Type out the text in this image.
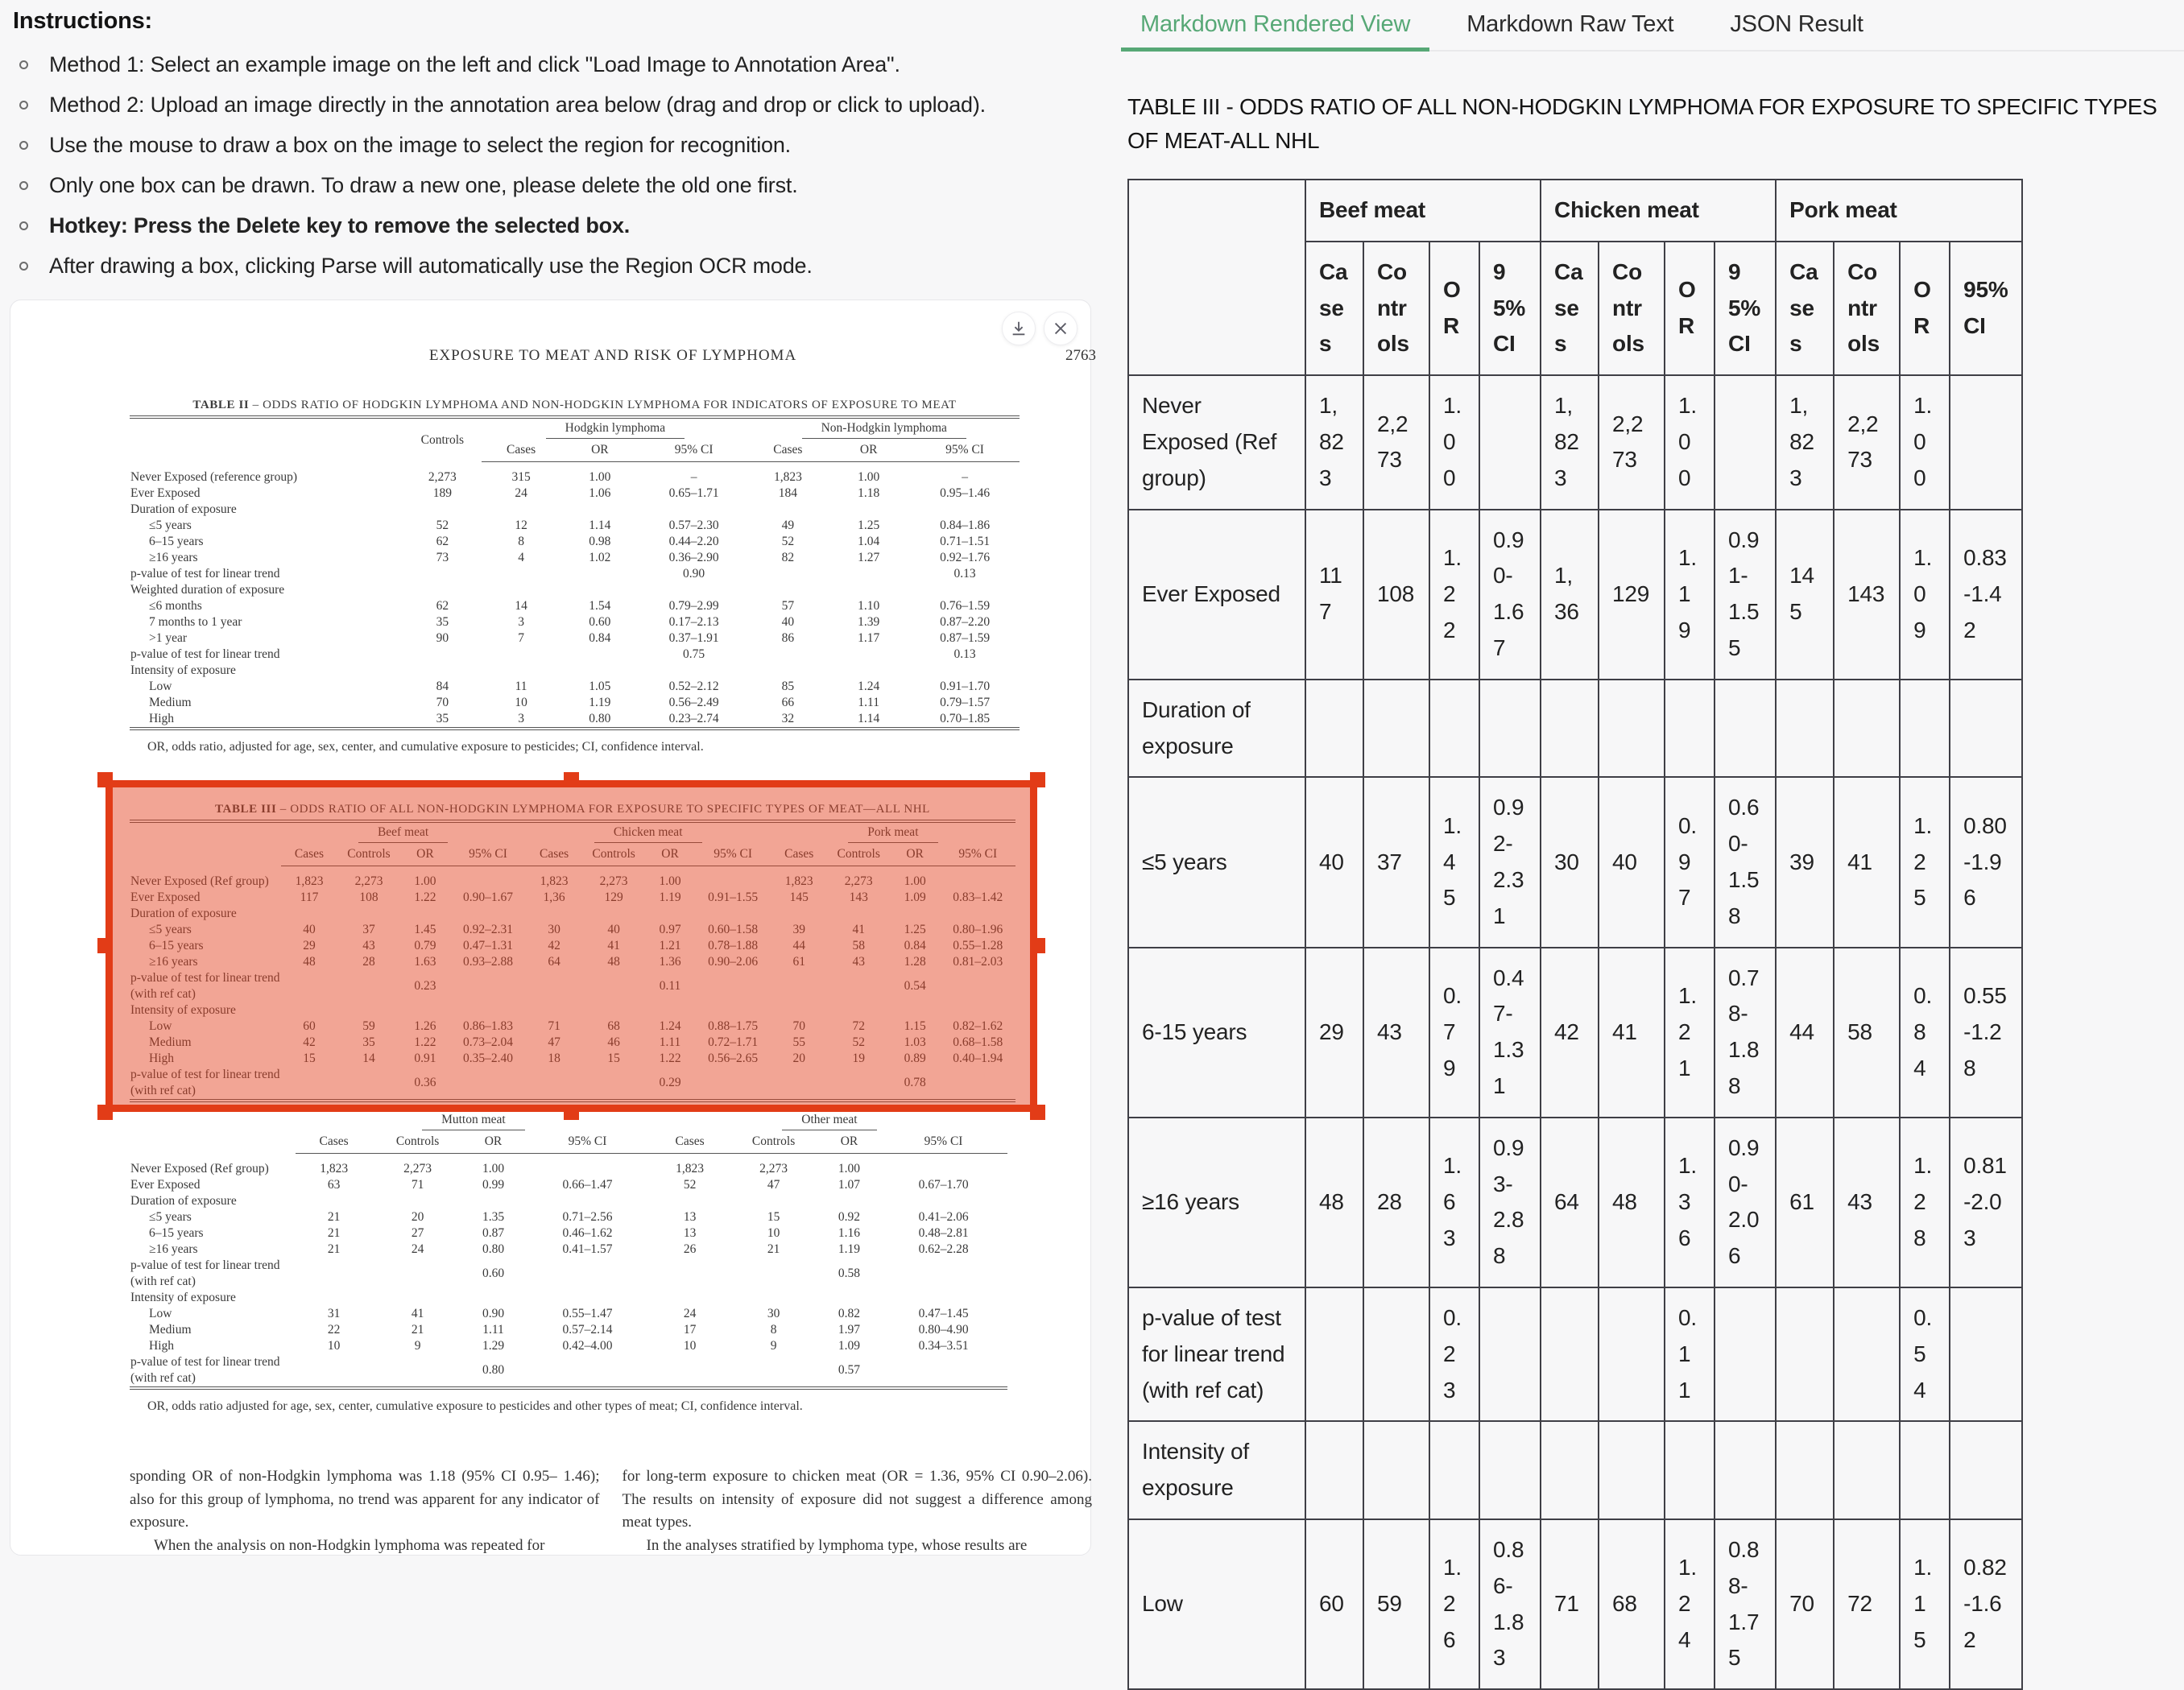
Instructions:
Method 1: Select an example image on the left and click "Load Image to Annotation Area".
Method 2: Upload an image directly in the annotation area below (drag and drop or click to upload).
Use the mouse to draw a box on the image to select the region for recognition.
Only one box can be drawn. To draw a new one, please delete the old one first.
Hotkey: Press the Delete key to remove the selected box.
After drawing a box, clicking Parse will automatically use the Region OCR mode.
EXPOSURE TO MEAT AND RISK OF LYMPHOMA	2763
TABLE II – ODDS RATIO OF HODGKIN LYMPHOMA AND NON-HODGKIN LYMPHOMA FOR INDICATORS OF EXPOSURE TO MEAT
	Controls	Hodgkin lymphoma			Non-Hodgkin lymphoma		
		Cases	OR	95% CI	Cases	OR	95% CI
Never Exposed (reference group)	2,273	315	1.00	–	1,823	1.00	–
Ever Exposed	189	24	1.06	0.65–1.71	184	1.18	0.95–1.46
Duration of exposure							
≤5 years	52	12	1.14	0.57–2.30	49	1.25	0.84–1.86
6–15 years	62	8	0.98	0.44–2.20	52	1.04	0.71–1.51
≥16 years	73	4	1.02	0.36–2.90	82	1.27	0.92–1.76
p-value of test for linear trend				0.90			0.13
Weighted duration of exposure							
≤6 months	62	14	1.54	0.79–2.99	57	1.10	0.76–1.59
7 months to 1 year	35	3	0.60	0.17–2.13	40	1.39	0.87–2.20
>1 year	90	7	0.84	0.37–1.91	86	1.17	0.87–1.59
p-value of test for linear trend				0.75			0.13
Intensity of exposure							
Low	84	11	1.05	0.52–2.12	85	1.24	0.91–1.70
Medium	70	10	1.19	0.56–2.49	66	1.11	0.79–1.57
High	35	3	0.80	0.23–2.74	32	1.14	0.70–1.85
OR, odds ratio, adjusted for age, sex, center, and cumulative exposure to pesticides; CI, confidence interval.
TABLE III – ODDS RATIO OF ALL NON-HODGKIN LYMPHOMA FOR EXPOSURE TO SPECIFIC TYPES OF MEAT—ALL NHL
	Beef meat				Chicken meat				Pork meat			
	Cases	Controls	OR	95% CI	Cases	Controls	OR	95% CI	Cases	Controls	OR	95% CI
Never Exposed (Ref group)	1,823	2,273	1.00		1,823	2,273	1.00		1,823	2,273	1.00	
Ever Exposed	117	108	1.22	0.90–1.67	1,36	129	1.19	0.91–1.55	145	143	1.09	0.83–1.42
Duration of exposure												
≤5 years	40	37	1.45	0.92–2.31	30	40	0.97	0.60–1.58	39	41	1.25	0.80–1.96
6–15 years	29	43	0.79	0.47–1.31	42	41	1.21	0.78–1.88	44	58	0.84	0.55–1.28
≥16 years	48	28	1.63	0.93–2.88	64	48	1.36	0.90–2.06	61	43	1.28	0.81–2.03
p-value of test for linear trend (with ref cat)			0.23				0.11				0.54	
Intensity of exposure												
Low	60	59	1.26	0.86–1.83	71	68	1.24	0.88–1.75	70	72	1.15	0.82–1.62
Medium	42	35	1.22	0.73–2.04	47	46	1.11	0.72–1.71	55	52	1.03	0.68–1.58
High	15	14	0.91	0.35–2.40	18	15	1.22	0.56–2.65	20	19	0.89	0.40–1.94
p-value of test for linear trend (with ref cat)			0.36				0.29				0.78	
	Mutton meat				Other meat			
	Cases	Controls	OR	95% CI	Cases	Controls	OR	95% CI
Never Exposed (Ref group)	1,823	2,273	1.00		1,823	2,273	1.00	
Ever Exposed	63	71	0.99	0.66–1.47	52	47	1.07	0.67–1.70
Duration of exposure								
≤5 years	21	20	1.35	0.71–2.56	13	15	0.92	0.41–2.06
6–15 years	21	27	0.87	0.46–1.62	13	10	1.16	0.48–2.81
≥16 years	21	24	0.80	0.41–1.57	26	21	1.19	0.62–2.28
p-value of test for linear trend (with ref cat)			0.60				0.58	
Intensity of exposure								
Low	31	41	0.90	0.55–1.47	24	30	0.82	0.47–1.45
Medium	22	21	1.11	0.57–2.14	17	8	1.97	0.80–4.90
High	10	9	1.29	0.42–4.00	10	9	1.09	0.34–3.51
p-value of test for linear trend (with ref cat)			0.80				0.57	
OR, odds ratio adjusted for age, sex, center, cumulative exposure to pesticides and other types of meat; CI, confidence interval.

sponding OR of non-Hodgkin lymphoma was 1.18 (95% CI 0.95– 1.46); also for this group of lymphoma, no trend was apparent for any indicator of exposure.

When the analysis on non-Hodgkin lymphoma was repeated for

for long-term exposure to chicken meat (OR = 1.36, 95% CI 0.90–2.06). The results on intensity of exposure did not suggest a difference among meat types.

In the analyses stratified by lymphoma type, whose results are

Markdown Rendered View	Markdown Raw Text	JSON Result
TABLE III - ODDS RATIO OF ALL NON-HODGKIN LYMPHOMA FOR EXPOSURE TO SPECIFIC TYPES OF MEAT-ALL NHL
	Beef meat				Chicken meat				Pork meat			
	Cases	Controls	OR	95% CI	Cases	Controls	OR	95% CI	Cases	Controls	OR	95% CI
Never Exposed (Ref group)	1,823	2,273	1.00		1,823	2,273	1.00		1,823	2,273	1.00	
Ever Exposed	117	108	1.22	0.90-1.67	1,36	129	1.19	0.91-1.55	145	143	1.09	0.83-1.42
Duration of exposure												
≤5 years	40	37	1.45	0.92-2.31	30	40	0.97	0.60-1.58	39	41	1.25	0.80-1.96
6-15 years	29	43	0.79	0.47-1.31	42	41	1.21	0.78-1.88	44	58	0.84	0.55-1.28
≥16 years	48	28	1.63	0.93-2.88	64	48	1.36	0.90-2.06	61	43	1.28	0.81-2.03
p-value of test for linear trend (with ref cat)			0.23				0.11				0.54	
Intensity of exposure												
Low	60	59	1.26	0.86-1.83	71	68	1.24	0.88-1.75	70	72	1.15	0.82-1.62
